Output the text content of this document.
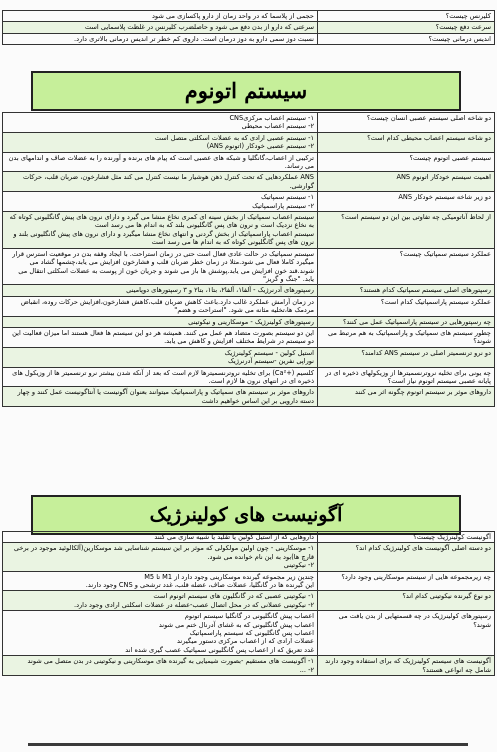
کلیرنس چیست؟	حجمی از پلاسما که در واحد زمان از دارو پاکسازی می شود

سرعت دفع چیست؟	سرعتی که دارو از بدن دفع می شود و حاصلضرب کلیرنس در غلظت پلاسمایی است

اندیس درمانی چیست؟	نسبت دوز سمی دارو به دوز درمان است. داروی کم خطر تر اندیس درمانی بالاتری دارد.
سیستم اتونوم
دو شاخه اصلی سیستم عصبی انسان چیست؟	۱- سیستم اعصاب مرکزیCNS
۲- سیستم اعصاب محیطی

دو شاخه سیستم اعصاب محیطی کدام است؟	۱- سیستم عصبی ارادی که به عضلات اسکلتی متصل است
۲- سیستم عصبی خودکار (اتونوم ANS)

سیستم عصبی اتونوم چیست؟	ترکیبی از اعصاب،گانگلیا و شبکه های عصبی است که پیام های برنده و آورنده را به عضلات صاف و اندامهای بدن می رساند.

اهمیت سیستم خودکار اتونوم ANS	ANS عملکردهایی که تحت کنترل ذهن هوشیار ما نیست کنترل می کند مثل فشارخون، ضربان قلب، حرکات گوارشی.

دو زیر شاخه سیستم خودکار ANS	۱- سیستم سمپاتیک
۲- سیستم پاراسمپاتیک

از لحاظ آناتومیکی چه تفاوتی بین این دو سیستم است؟	سیستم اعصاب سمپاتیک از بخش سینه ای کمری نخاع منشا می گیرد و دارای نرون های پیش گانگلیونی کوتاه که به نخاع نزدیک است و نرون های پس گانگلیونی بلند که به اندام ها می رسد است
سیستم اعصاب پاراسمپاتیک از بخش گردنی و انتهای نخاع منشا میگیرد و دارای نرون های پیش گانگلیونی بلند و نرون های پس گانگلیونی کوتاه که به اندام ها می رسد است

عملکرد سیستم سمپاتیک چیست؟	سیستم سمپاتیک در حالت عادی فعال است حتی در زمان استراحت. با ایجاد وقفه بدن در موقعیت استرس قرار میگیرد کاملا فعال می شود.مثلا در زمان خطر ضربان قلب و فشارخون افزایش می یابد،چشمها گشاد می شوند.قند خون افزایش می یابد.پوشش ها باز می شوند و جریان خون از پوست به عضلات اسکلتی انتقال می یابد. "جنگ و گریز"

رسپتورهای اصلی سیستم سمپاتیک کدام هستند؟	رسپتورهای آدرنرژیک - آلفا۱، آلفا۲، بتا۱، بتا۲ و ۳ رسپتورهای دوپامینی

عملکرد سیستم پاراسمپاتیک کدام است؟	در زمان آرامش عملکرد غالب دارد.باعث کاهش ضربان قلب،کاهش فشارخون،افزایش حرکات روده، انقباض مردمک ها،تخلیه مثانه می شود. "استراحت و هضم"

چه رسپتورهایی در سیستم پاراسمپاتیک عمل می کنند؟	رسپتورهای کولینرژیک - موسکارینی و نیکوتینی

چطور سیستم های سمپاتیک و پاراسمپاتیک به هم مرتبط می شوند؟	این دو سیستم بصورت متضاد هم عمل می کنند. همیشه هر دو این سیستم ها فعال هستند اما میزان فعالیت این دو سیستم در شرایط مختلف افزایش و کاهش می یابد.

دو نرو ترنسمیتر اصلی در سیستم ANS کدامند؟	استیل کولین - سیستم کولینرژیک
نوراپی نفرین -سیستم آدرنرژیک

چه یونی برای تخلیه نروترنسمیترها از وزیکولهای ذخیره ای در پایانه عصبی سیستم اتونوم نیاز است؟	کلسیم (+Ca²) برای تخلیه نروترنسمیترها لازم است که بعد از آنکه شدن بیشتر نرو ترنسمیتر ها از وزیکول های ذخیره ای در انتهای نرون ها لازم است.

داروهای موثر بر سیستم اتونوم چگونه اثر می کنند	داروهای موثر بر سیستم های سمپاتیک و پاراسمپاتیک میتوانند بعنوان آگونیست یا آنتاگونیست عمل کنند و چهار دسته دارویی بر این اساس خواهیم داشت
آگونیست های کولینرژیک
آگونیست کولینرژیک چیست؟	داروهایی که از استیل کولین یا تقلید یا شبیه سازی می کنند

دو دسته اصلی آگونیست های کولینرژیک کدام اند؟	۱- موسکارینی - چون اولین مولکولی که موثر بر این سیستم شناسایی شد موسکارین(آلکالوئید موجود در برخی قارچ ها)بود به این نام خوانده می شود.
۲- نیکوتینی

چه زیرمجموعه هایی از سیستم موسکارینی وجود دارد؟	چندین زیر مجموعه گیرنده موسکارینی وجود دارد از M1 تا M5
این گیرنده ها در گانگلیا، عضلات صاف، عضله قلب، غدد ترشحی و CNS وجود دارند.

دو نوع گیرنده نیکوتینی کدام اند؟	۱- نیکوتینی عصبی که در گانگلیون های سیستم اتونوم است
۲- نیکوتینی عضلانی که در محل اتصال عصب-عضله در عضلات اسکلتی ارادی وجود دارد.

رسپتورهای کولینرژیک در چه قسمتهایی از بدن یافت می شوند؟	اعصاب پیش گانگلیونی در گانگلیا سیستم اتونوم
اعصاب پیش گانگلیونی که به غشای آدرنال ختم می شوند
اعصاب پس گانگلیونی که سیستم پاراسمپاتیک
عضلات ارادی که از اعصاب مرکزی دستور میگیرند
غدد تعریق که از اعصاب پس گانگلیونی سمپاتیک عصب گیری شده اند

آگونیست های سیستم کولینرژیک که برای استفاده وجود دارند شامل چه انواعی هستند؟	۱- آگونیست های مستقیم -بصورت شیمیایی به گیرنده های موسکارینی و نیکوتینی در بدن متصل می شوند
۲- ...
